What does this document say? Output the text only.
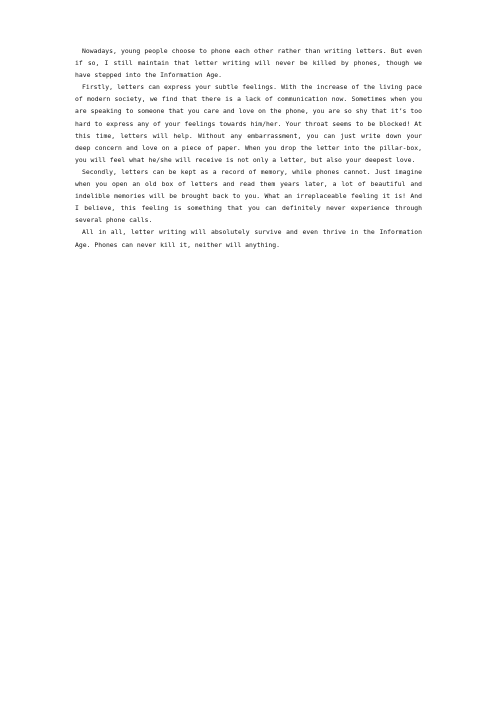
Nowadays, young people choose to phone each other rather than writing letters. But even if so, I still maintain that letter writing will never be killed by phones, though we have stepped into the Information Age.

Firstly, letters can express your subtle feelings. With the increase of the living pace of modern society, we find that there is a lack of communication now. Sometimes when you are speaking to someone that you care and love on the phone, you are so shy that it’s too hard to express any of your feelings towards him/her. Your throat seems to be blocked! At this time, letters will help. Without any embarrassment, you can just write down your deep concern and love on a piece of paper. When you drop the letter into the pillar-box, you will feel what he/she will receive is not only a letter, but also your deepest love.

Secondly, letters can be kept as a record of memory, while phones cannot. Just imagine when you open an old box of letters and read them years later, a lot of beautiful and indelible memories will be brought back to you. What an irreplaceable feeling it is! And I believe, this feeling is something that you can definitely never experience through several phone calls.

All in all, letter writing will absolutely survive and even thrive in the Information Age. Phones can never kill it, neither will anything.
